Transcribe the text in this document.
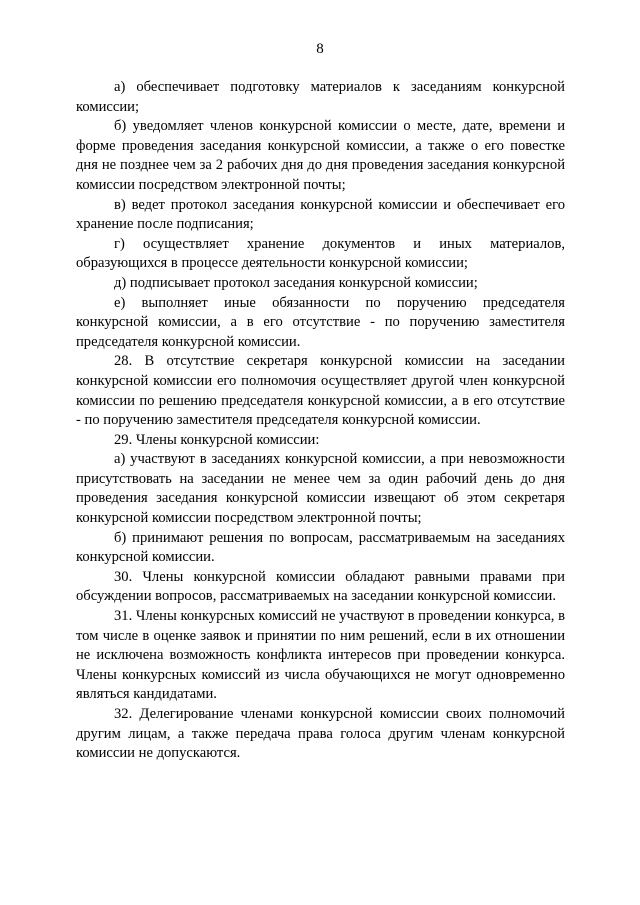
8

а) обеспечивает подготовку материалов к заседаниям конкурсной комиссии;

б) уведомляет членов конкурсной комиссии о месте, дате, времени и форме проведения заседания конкурсной комиссии, а также о его повестке дня не позднее чем за 2 рабочих дня до дня проведения заседания конкурсной комиссии посредством электронной почты;

в) ведет протокол заседания конкурсной комиссии и обеспечивает его хранение после подписания;

г) осуществляет хранение документов и иных материалов, образующихся в процессе деятельности конкурсной комиссии;

д) подписывает протокол заседания конкурсной комиссии;

е) выполняет иные обязанности по поручению председателя конкурсной комиссии, а в его отсутствие - по поручению заместителя председателя конкурсной комиссии.

28. В отсутствие секретаря конкурсной комиссии на заседании конкурсной комиссии его полномочия осуществляет другой член конкурсной комиссии по решению председателя конкурсной комиссии, а в его отсутствие - по поручению заместителя председателя конкурсной комиссии.

29. Члены конкурсной комиссии:

а) участвуют в заседаниях конкурсной комиссии, а при невозможности присутствовать на заседании не менее чем за один рабочий день до дня проведения заседания конкурсной комиссии извещают об этом секретаря конкурсной комиссии посредством электронной почты;

б) принимают решения по вопросам, рассматриваемым на заседаниях конкурсной комиссии.

30. Члены конкурсной комиссии обладают равными правами при обсуждении вопросов, рассматриваемых на заседании конкурсной комиссии.

31. Члены конкурсных комиссий не участвуют в проведении конкурса, в том числе в оценке заявок и принятии по ним решений, если в их отношении не исключена возможность конфликта интересов при проведении конкурса. Члены конкурсных комиссий из числа обучающихся не могут одновременно являться кандидатами.

32. Делегирование членами конкурсной комиссии своих полномочий другим лицам, а также передача права голоса другим членам конкурсной комиссии не допускаются.
